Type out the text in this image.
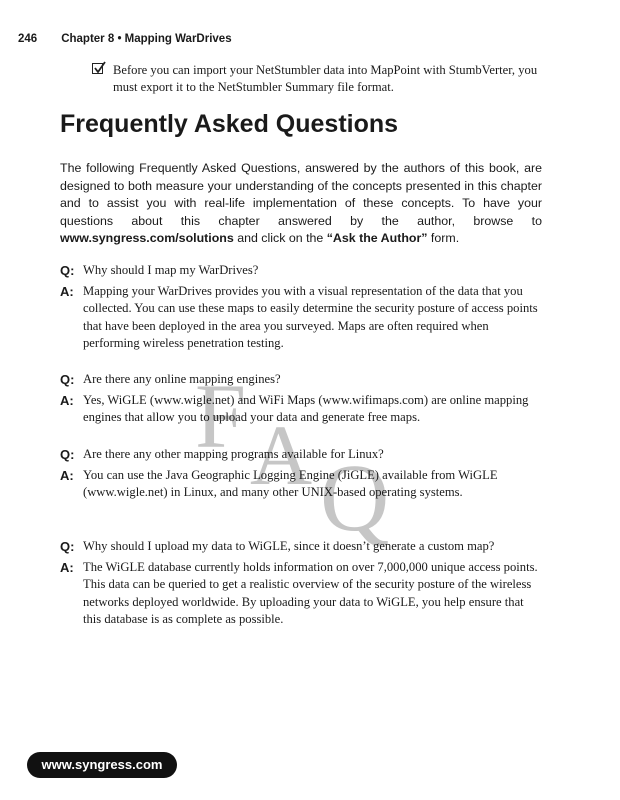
246 Chapter 8 • Mapping WarDrives
Before you can import your NetStumbler data into MapPoint with StumbVerter, you must export it to the NetStumbler Summary file format.
F A Q
Frequently Asked Questions
The following Frequently Asked Questions, answered by the authors of this book, are designed to both measure your understanding of the concepts presented in this chapter and to assist you with real-life implementation of these concepts. To have your questions about this chapter answered by the author, browse to www.syngress.com/solutions and click on the “Ask the Author” form.
Q: Why should I map my WarDrives?
A: Mapping your WarDrives provides you with a visual representation of the data that you collected. You can use these maps to easily determine the security posture of access points that have been deployed in the area you surveyed. Maps are often required when performing wireless penetration testing.
Q: Are there any online mapping engines?
A: Yes, WiGLE (www.wigle.net) and WiFi Maps (www.wifimaps.com) are online mapping engines that allow you to upload your data and generate free maps.
Q: Are there any other mapping programs available for Linux?
A: You can use the Java Geographic Logging Engine (JiGLE) available from WiGLE (www.wigle.net) in Linux, and many other UNIX-based operating systems.
Q: Why should I upload my data to WiGLE, since it doesn’t generate a custom map?
A: The WiGLE database currently holds information on over 7,000,000 unique access points. This data can be queried to get a realistic overview of the security posture of the wireless networks deployed worldwide. By uploading your data to WiGLE, you help ensure that this database is as complete as possible.
www.syngress.com
